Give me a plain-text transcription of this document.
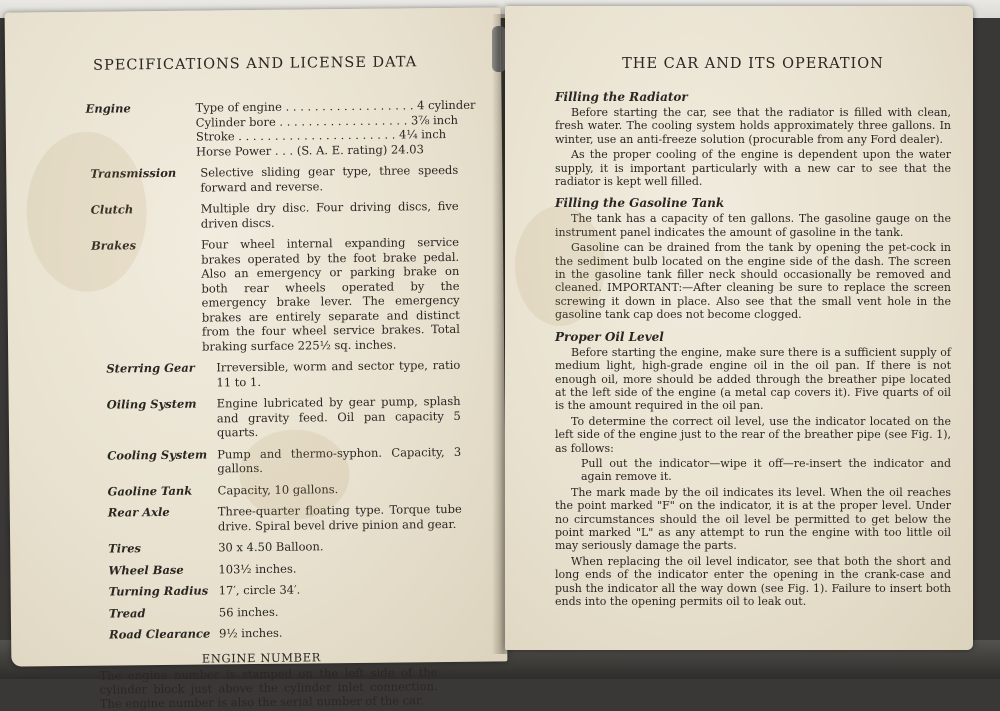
SPECIFICATIONS AND LICENSE DATA
Engine	Type of engine . . . . . . . . . . . . . . . . . . 4 cylinder
Cylinder bore . . . . . . . . . . . . . . . . . . 3⅞ inch
Stroke . . . . . . . . . . . . . . . . . . . . . . 4¼ inch
Horse Power . . . (S. A. E. rating) 24.03
Transmission	Selective sliding gear type, three speeds forward and reverse.
Clutch	Multiple dry disc. Four driving discs, five driven discs.
Brakes	Four wheel internal expanding service brakes operated by the foot brake pedal. Also an emergency or parking brake on both rear wheels operated by the emergency brake lever. The emergency brakes are entirely separate and distinct from the four wheel service brakes. Total braking surface 225½ sq. inches.
Sterring Gear	Irreversible, worm and sector type, ratio 11 to 1.
Oiling System	Engine lubricated by gear pump, splash and gravity feed. Oil pan capacity 5 quarts.
Cooling System Pump and thermo-syphon. Capacity, 3 gallons.
Gaoline Tank	Capacity, 10 gallons.
Rear Axle	Three-quarter floating type. Torque tube drive. Spiral bevel drive pinion and gear.
Tires	30 x 4.50 Balloon.
Wheel Base	103½ inches.
Turning Radius 17′, circle 34′.
Tread	56 inches.
Road Clearance 9½ inches.
ENGINE NUMBER
The engine number is stamped on the left side of the cylinder block just above the cylinder inlet connection. The engine number is also the serial number of the car.
THE CAR AND ITS OPERATION
Filling the Radiator

Before starting the car, see that the radiator is filled with clean, fresh water. The cooling system holds approximately three gallons. In winter, use an anti-freeze solution (procurable from any Ford dealer).

As the proper cooling of the engine is dependent upon the water supply, it is important particularly with a new car to see that the radiator is kept well filled.

Filling the Gasoline Tank

The tank has a capacity of ten gallons. The gasoline gauge on the instrument panel indicates the amount of gasoline in the tank.

Gasoline can be drained from the tank by opening the pet-cock in the sediment bulb located on the engine side of the dash. The screen in the gasoline tank filler neck should occasionally be removed and cleaned. IMPORTANT:—After cleaning be sure to replace the screen screwing it down in place. Also see that the small vent hole in the gasoline tank cap does not become clogged.

Proper Oil Level

Before starting the engine, make sure there is a sufficient supply of medium light, high-grade engine oil in the oil pan. If there is not enough oil, more should be added through the breather pipe located at the left side of the engine (a metal cap covers it). Five quarts of oil is the amount required in the oil pan.

To determine the correct oil level, use the indicator located on the left side of the engine just to the rear of the breather pipe (see Fig. 1), as follows:

Pull out the indicator—wipe it off—re-insert the indicator and again remove it.

The mark made by the oil indicates its level. When the oil reaches the point marked "F" on the indicator, it is at the proper level. Under no circumstances should the oil level be permitted to get below the point marked "L" as any attempt to run the engine with too little oil may seriously damage the parts.

When replacing the oil level indicator, see that both the short and long ends of the indicator enter the opening in the crank-case and push the indicator all the way down (see Fig. 1). Failure to insert both ends into the opening permits oil to leak out.
